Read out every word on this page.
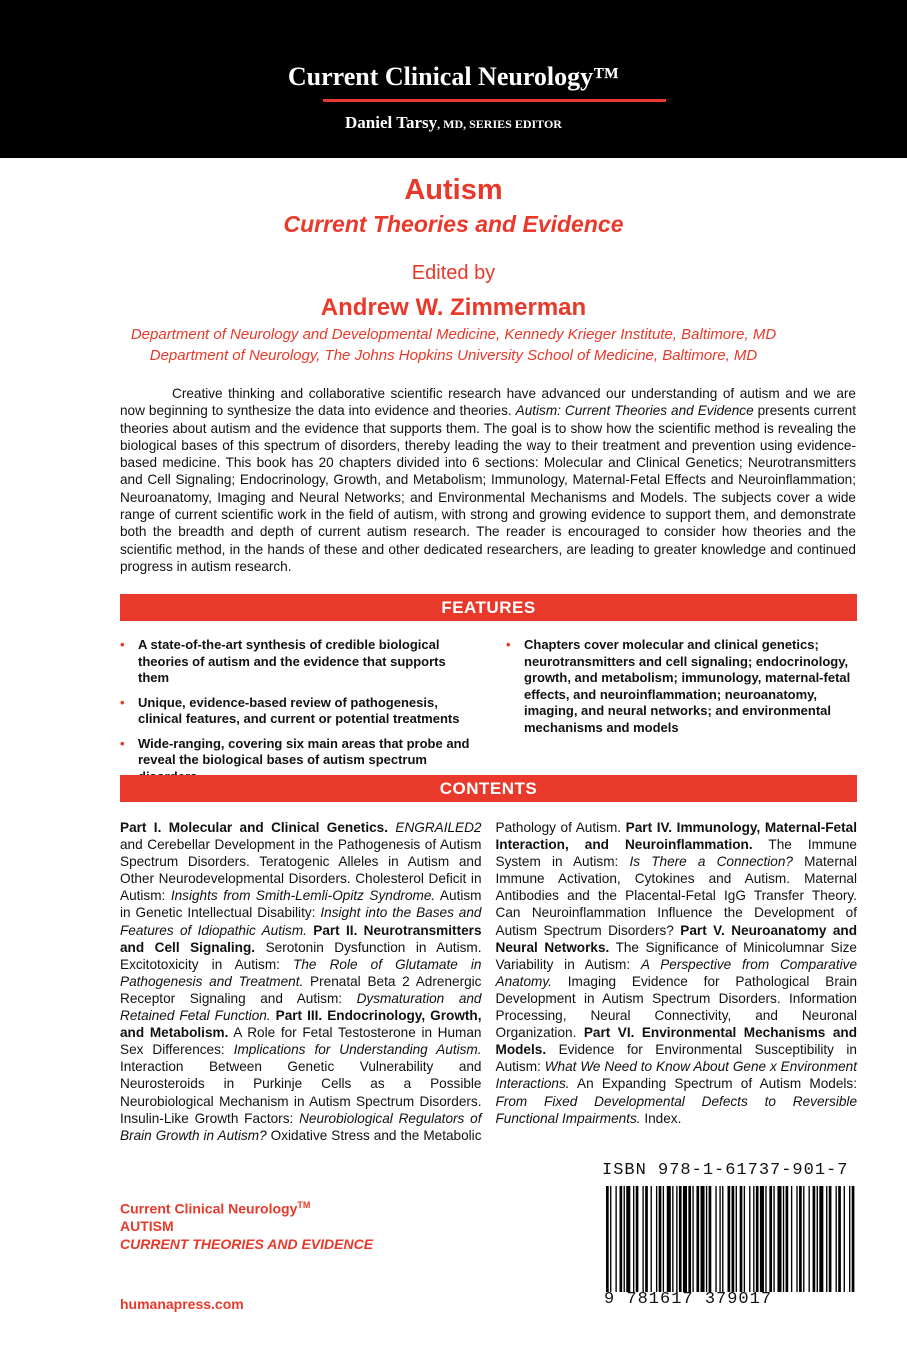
Current Clinical Neurology™
Daniel Tarsy, MD, SERIES EDITOR
Autism
Current Theories and Evidence
Edited by
Andrew W. Zimmerman
Department of Neurology and Developmental Medicine, Kennedy Krieger Institute, Baltimore, MD
Department of Neurology, The Johns Hopkins University School of Medicine, Baltimore, MD
Creative thinking and collaborative scientific research have advanced our understanding of autism and we are now beginning to synthesize the data into evidence and theories. Autism: Current Theories and Evidence presents current theories about autism and the evidence that supports them. The goal is to show how the scientific method is revealing the biological bases of this spectrum of disorders, thereby leading the way to their treatment and prevention using evidence-based medicine. This book has 20 chapters divided into 6 sections: Molecular and Clinical Genetics; Neurotransmitters and Cell Signaling; Endocrinology, Growth, and Metabolism; Immunology, Maternal-Fetal Effects and Neuroinflammation; Neuroanatomy, Imaging and Neural Networks; and Environmental Mechanisms and Models. The subjects cover a wide range of current scientific work in the field of autism, with strong and growing evidence to support them, and demonstrate both the breadth and depth of current autism research. The reader is encouraged to consider how theories and the scientific method, in the hands of these and other dedicated researchers, are leading to greater knowledge and continued progress in autism research.
FEATURES
• A state-of-the-art synthesis of credible biological theories of autism and the evidence that supports them
• Unique, evidence-based review of pathogenesis, clinical features, and current or potential treatments
• Wide-ranging, covering six main areas that probe and reveal the biological bases of autism spectrum
• Chapters cover molecular and clinical genetics; neurotransmitters and cell signaling; endocrinology, growth, and metabolism; immunology, maternal-fetal effects, and neuroinflammation; neuroanatomy, imaging, and neural networks; and environmental mechanisms and models
CONTENTS
Part I. Molecular and Clinical Genetics. ENGRAILED2 and Cerebellar Development in the Pathogenesis of Autism Spectrum Disorders. Teratogenic Alleles in Autism and Other Neurodevelopmental Disorders. Cholesterol Deficit in Autism: Insights from Smith-Lemli-Opitz Syndrome. Autism in Genetic Intellectual Disability: Insight into the Bases and Features of Idiopathic Autism. Part II. Neurotransmitters and Cell Signaling. Serotonin Dysfunction in Autism. Excitotoxicity in Autism: The Role of Glutamate in Pathogenesis and Treatment. Prenatal Beta 2 Adrenergic Receptor Signaling and Autism: Dysmaturation and Retained Fetal Function. Part III. Endocrinology, Growth, and Metabolism. A Role for Fetal Testosterone in Human Sex Differences: Implications for Understanding Autism. Interaction Between Genetic Vulnerability and Neurosteroids in Purkinje Cells as a Possible Neurobiological Mechanism in Autism Spectrum Disorders. Insulin-Like Growth Factors: Neurobiological Regulators of Brain Growth in Autism? Oxidative Stress and the Metabolic Pathology of Autism. Part IV. Immunology, Maternal-Fetal Interaction, and Neuroinflammation. The Immune System in Autism: Is There a Connection? Maternal Immune Activation, Cytokines and Autism. Maternal Antibodies and the Placental-Fetal IgG Transfer Theory. Can Neuroinflammation Influence the Development of Autism Spectrum Disorders? Part V. Neuroanatomy and Neural Networks. The Significance of Minicolumnar Size Variability in Autism: A Perspective from Comparative Anatomy. Imaging Evidence for Pathological Brain Development in Autism Spectrum Disorders. Information Processing, Neural Connectivity, and Neuronal Organization. Part VI. Environmental Mechanisms and Models. Evidence for Environmental Susceptibility in Autism: What We Need to Know About Gene x Environment Interactions. An Expanding Spectrum of Autism Models: From Fixed Developmental Defects to Reversible Functional Impairments. Index.
ISBN 978-1-61737-901-7
9 781617 379017
Current Clinical Neurology™
AUTISM
CURRENT THEORIES AND EVIDENCE
humanapress.com
